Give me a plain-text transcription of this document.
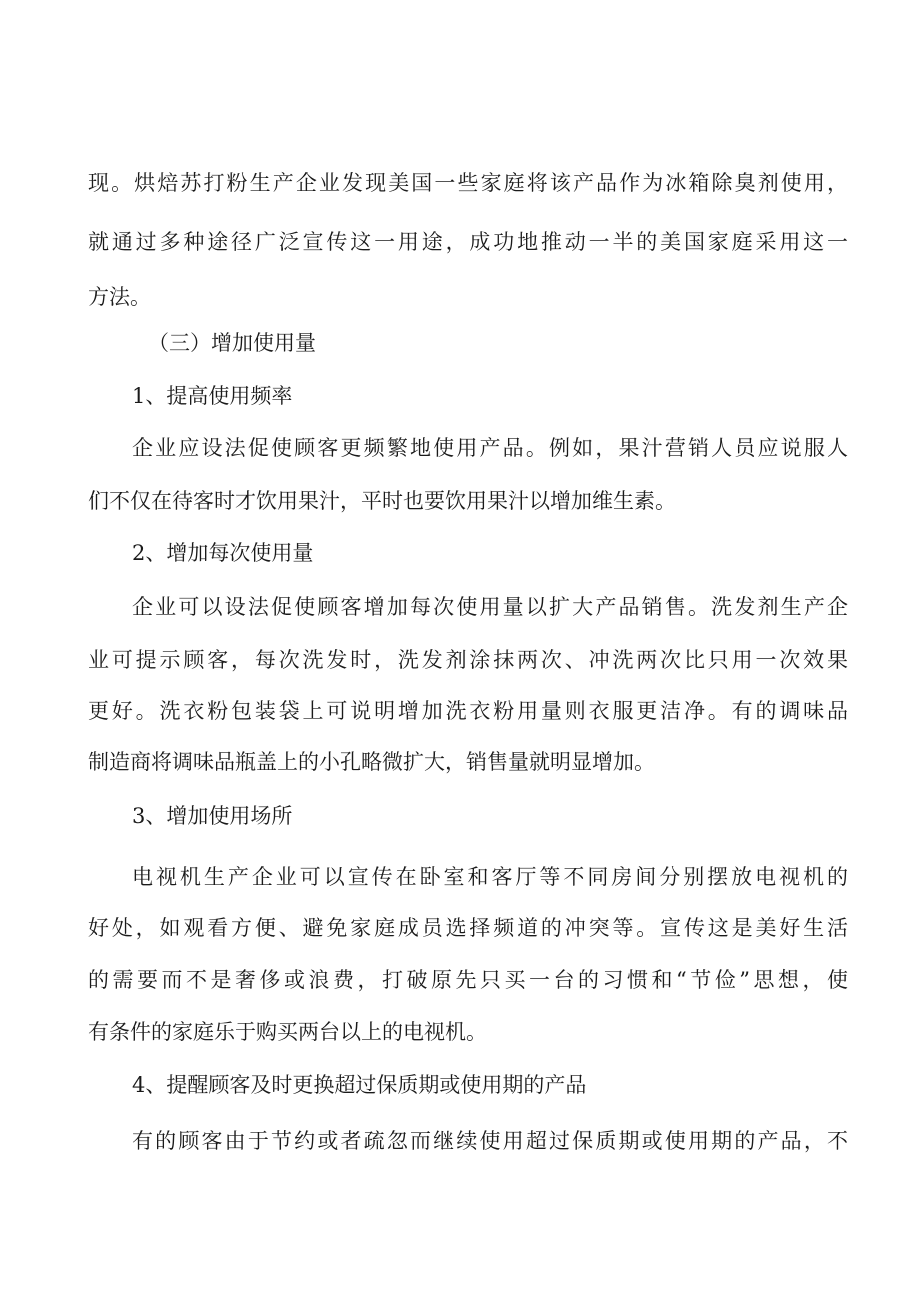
现。烘焙苏打粉生产企业发现美国一些家庭将该产品作为冰箱除臭剂使用，
就通过多种途径广泛宣传这一用途，成功地推动一半的美国家庭采用这一
方法。
（三）增加使用量
1、提高使用频率
企业应设法促使顾客更频繁地使用产品。例如，果汁营销人员应说服人
们不仅在待客时才饮用果汁，平时也要饮用果汁以增加维生素。
2、增加每次使用量
企业可以设法促使顾客增加每次使用量以扩大产品销售。洗发剂生产企
业可提示顾客，每次洗发时，洗发剂涂抹两次、冲洗两次比只用一次效果
更好。洗衣粉包装袋上可说明增加洗衣粉用量则衣服更洁净。有的调味品
制造商将调味品瓶盖上的小孔略微扩大，销售量就明显增加。
3、增加使用场所
电视机生产企业可以宣传在卧室和客厅等不同房间分别摆放电视机的
好处，如观看方便、避免家庭成员选择频道的冲突等。宣传这是美好生活
的需要而不是奢侈或浪费，打破原先只买一台的习惯和“节俭”思想，使
有条件的家庭乐于购买两台以上的电视机。
4、提醒顾客及时更换超过保质期或使用期的产品
有的顾客由于节约或者疏忽而继续使用超过保质期或使用期的产品，不
